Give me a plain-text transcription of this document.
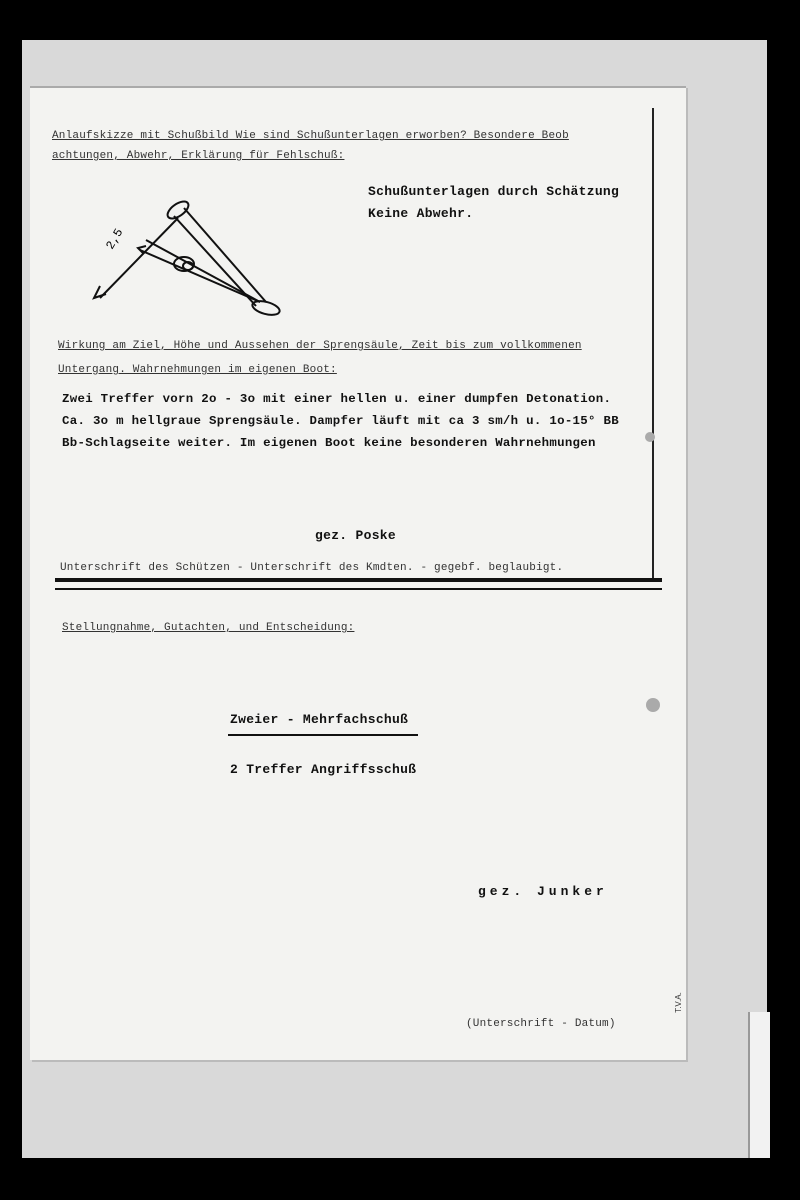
Anlaufskizze mit Schußbild Wie sind Schußunterlagen erworben? Besondere Beob
achtungen, Abwehr, Erklärung für Fehlschuß:
2,5
Schußunterlagen durch Schätzung
Keine Abwehr.
Wirkung am Ziel, Höhe und Aussehen der Sprengsäule, Zeit bis zum vollkommenen
Untergang. Wahrnehmungen im eigenen Boot:
Zwei Treffer vorn 2o - 3o mit einer hellen u. einer dumpfen Detonation.
Ca. 3o m hellgraue Sprengsäule. Dampfer läuft mit ca 3 sm/h u. 1o-15° BB
Bb-Schlagseite weiter. Im eigenen Boot keine besonderen Wahrnehmungen
gez. Poske
Unterschrift des Schützen - Unterschrift des Kmdten. - gegebf. beglaubigt.
Stellungnahme, Gutachten, und Entscheidung:
Zweier - Mehrfachschuß
2 Treffer Angriffsschuß
gez. Junker
(Unterschrift - Datum)
T.V.A.
